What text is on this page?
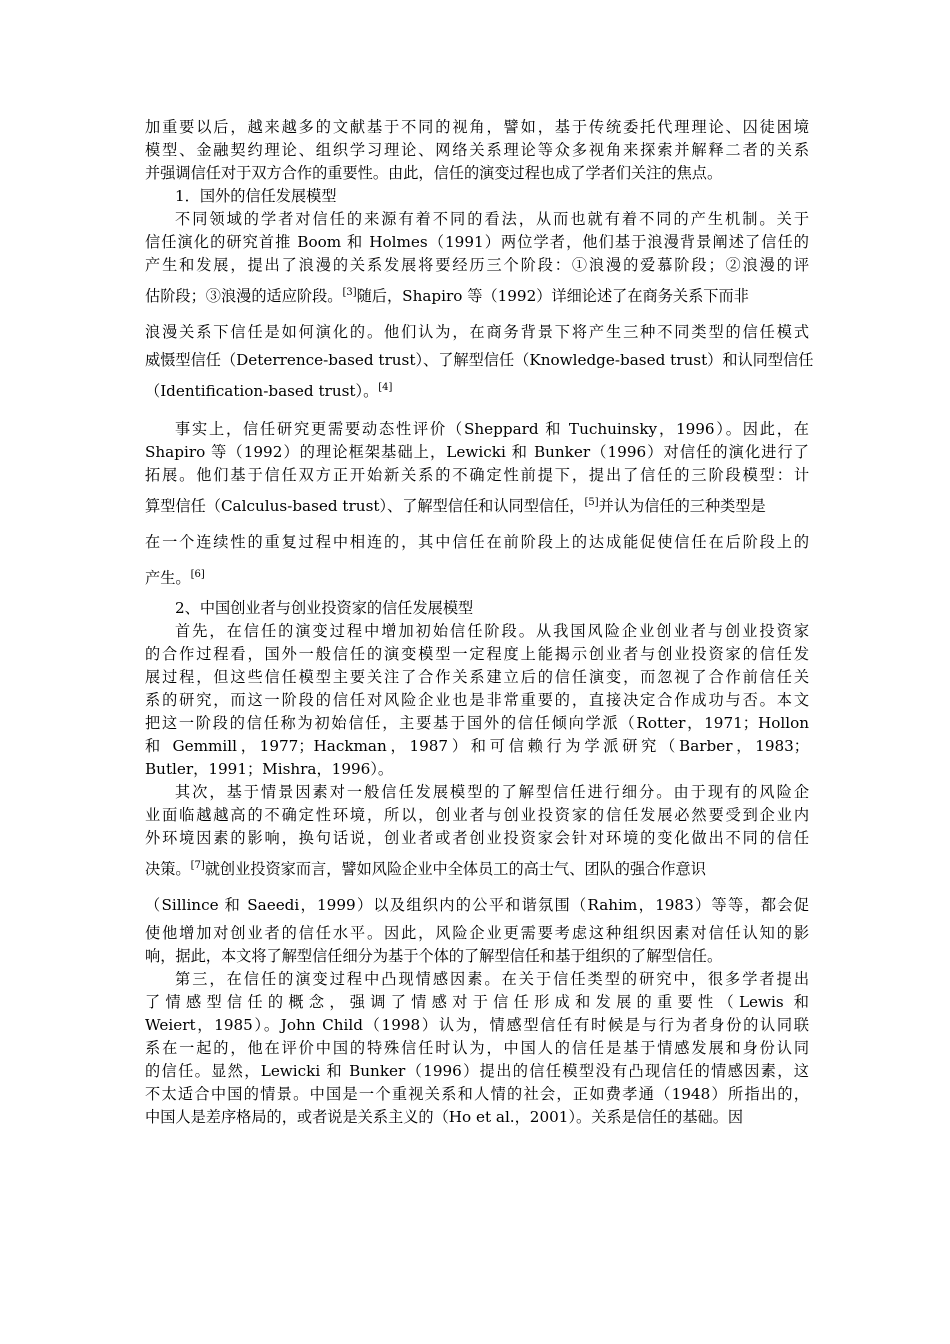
加重要以后，越来越多的文献基于不同的视角，譬如，基于传统委托代理理论、囚徒困境
模型、金融契约理论、组织学习理论、网络关系理论等众多视角来探索并解释二者的关系
并强调信任对于双方合作的重要性。由此，信任的演变过程也成了学者们关注的焦点。
1．国外的信任发展模型
不同领域的学者对信任的来源有着不同的看法，从而也就有着不同的产生机制。关于
信任演化的研究首推 Boom 和 Holmes（1991）两位学者，他们基于浪漫背景阐述了信任的
产生和发展，提出了浪漫的关系发展将要经历三个阶段：①浪漫的爱慕阶段；②浪漫的评
估阶段；③浪漫的适应阶段。[3]随后，Shapiro 等（1992）详细论述了在商务关系下而非
浪漫关系下信任是如何演化的。他们认为，在商务背景下将产生三种不同类型的信任模式
威慑型信任（Deterrence-based trust）、了解型信任（Knowledge-based trust）和认同型信任
（Identification-based trust）。[4]
事实上，信任研究更需要动态性评价（Sheppard 和 Tuchuinsky，1996）。因此，在
Shapiro 等（1992）的理论框架基础上，Lewicki 和 Bunker（1996）对信任的演化进行了
拓展。他们基于信任双方正开始新关系的不确定性前提下，提出了信任的三阶段模型：计
算型信任（Calculus-based trust）、了解型信任和认同型信任，[5]并认为信任的三种类型是
在一个连续性的重复过程中相连的，其中信任在前阶段上的达成能促使信任在后阶段上的
产生。[6]
2、中国创业者与创业投资家的信任发展模型
首先，在信任的演变过程中增加初始信任阶段。从我国风险企业创业者与创业投资家
的合作过程看，国外一般信任的演变模型一定程度上能揭示创业者与创业投资家的信任发
展过程，但这些信任模型主要关注了合作关系建立后的信任演变，而忽视了合作前信任关
系的研究，而这一阶段的信任对风险企业也是非常重要的，直接决定合作成功与否。本文
把这一阶段的信任称为初始信任，主要基于国外的信任倾向学派（Rotter，1971；Hollon
和 Gemmill，1977；Hackman，1987）和可信赖行为学派研究（Barber，1983；
Butler，1991；Mishra，1996）。
其次，基于情景因素对一般信任发展模型的了解型信任进行细分。由于现有的风险企
业面临越越高的不确定性环境，所以，创业者与创业投资家的信任发展必然要受到企业内
外环境因素的影响，换句话说，创业者或者创业投资家会针对环境的变化做出不同的信任
决策。[7]就创业投资家而言，譬如风险企业中全体员工的高士气、团队的强合作意识
（Sillince 和 Saeedi，1999）以及组织内的公平和谐氛围（Rahim，1983）等等，都会促
使他增加对创业者的信任水平。因此，风险企业更需要考虑这种组织因素对信任认知的影
响，据此，本文将了解型信任细分为基于个体的了解型信任和基于组织的了解型信任。
第三，在信任的演变过程中凸现情感因素。在关于信任类型的研究中，很多学者提出
了情感型信任的概念，强调了情感对于信任形成和发展的重要性（Lewis 和
Weiert，1985）。John Child（1998）认为，情感型信任有时候是与行为者身份的认同联
系在一起的，他在评价中国的特殊信任时认为，中国人的信任是基于情感发展和身份认同
的信任。显然，Lewicki 和 Bunker（1996）提出的信任模型没有凸现信任的情感因素，这
不太适合中国的情景。中国是一个重视关系和人情的社会，正如费孝通（1948）所指出的，
中国人是差序格局的，或者说是关系主义的（Ho et al.，2001）。关系是信任的基础。因
